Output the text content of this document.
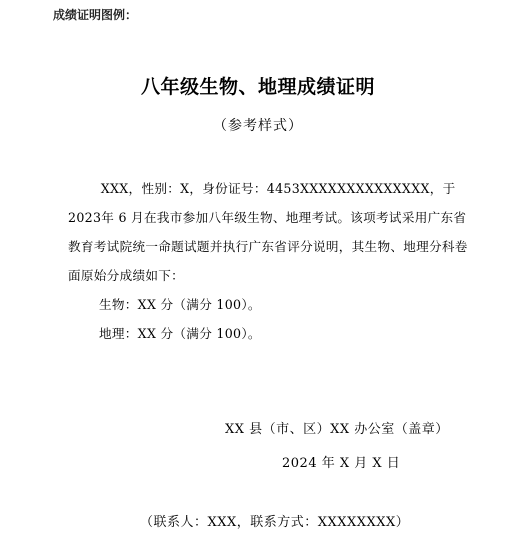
成绩证明图例：
八年级生物、地理成绩证明
（参考样式）

XXX，性别：X，身份证号：4453XXXXXXXXXXXXXX，于 2023年 6 月在我市参加八年级生物、地理考试。该项考试采用广东省教育考试院统一命题试题并执行广东省评分说明，其生物、地理分科卷面原始分成绩如下：

生物：XX 分（满分 100）。

地理：XX 分（满分 100）。

XX 县（市、区）XX 办公室（盖章）
2024 年 X 月 X 日
（联系人：XXX，联系方式：XXXXXXXX）
